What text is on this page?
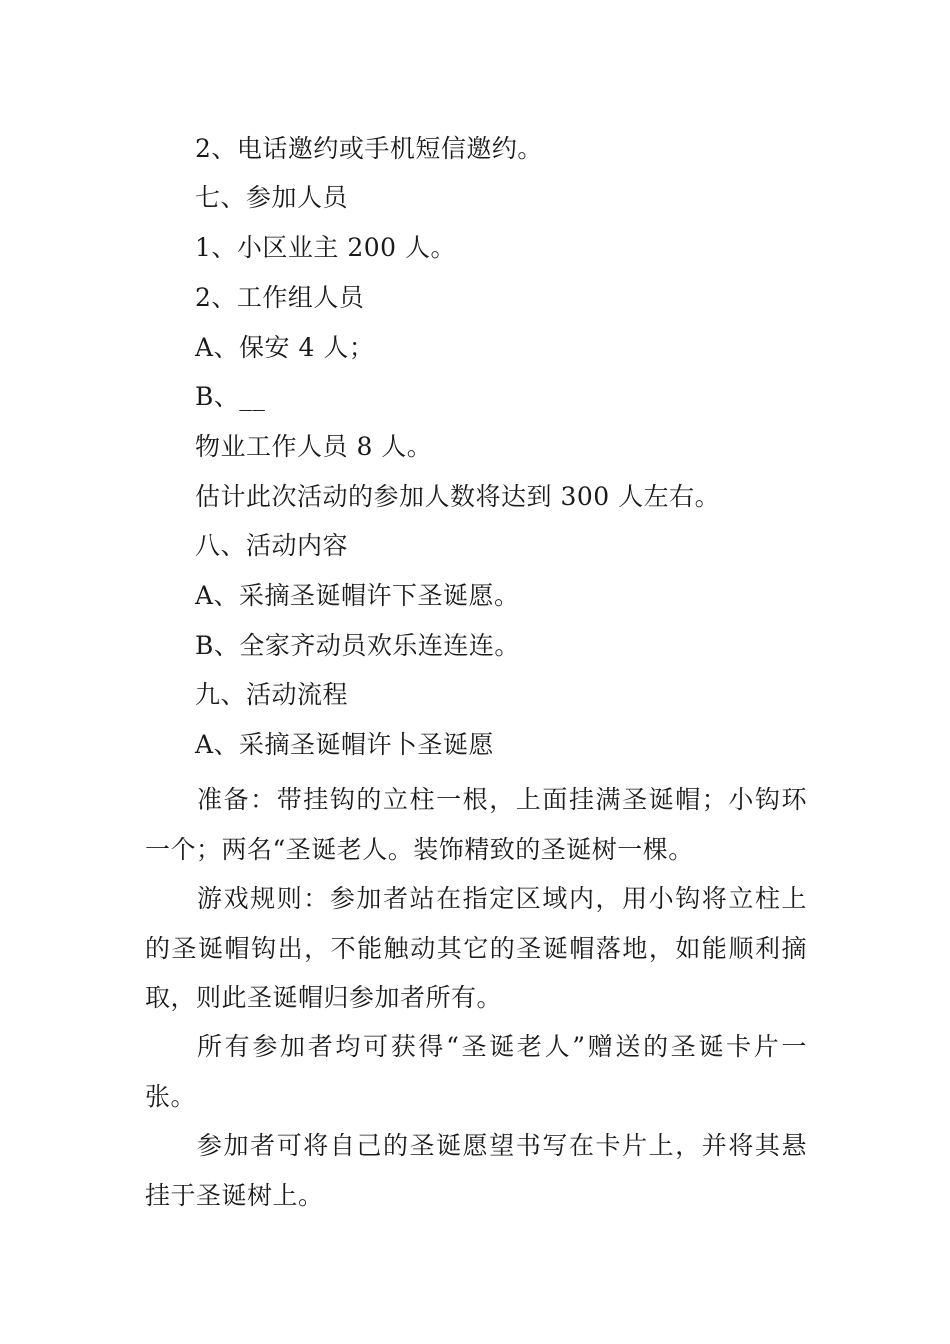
2、电话邀约或手机短信邀约。
七、参加人员
1、小区业主 200 人。
2、工作组人员
A、保安 4 人；
B、__
物业工作人员 8 人。
估计此次活动的参加人数将达到 300 人左右。
八、活动内容
A、采摘圣诞帽许下圣诞愿。
B、全家齐动员欢乐连连连。
九、活动流程
A、采摘圣诞帽许卜圣诞愿
准备：带挂钩的立柱一根，上面挂满圣诞帽；小钩环一个；两名“圣诞老人。装饰精致的圣诞树一棵。
游戏规则：参加者站在指定区域内，用小钩将立柱上的圣诞帽钩出，不能触动其它的圣诞帽落地，如能顺利摘取，则此圣诞帽归参加者所有。
所有参加者均可获得“圣诞老人”赠送的圣诞卡片一张。
参加者可将自己的圣诞愿望书写在卡片上，并将其悬挂于圣诞树上。
